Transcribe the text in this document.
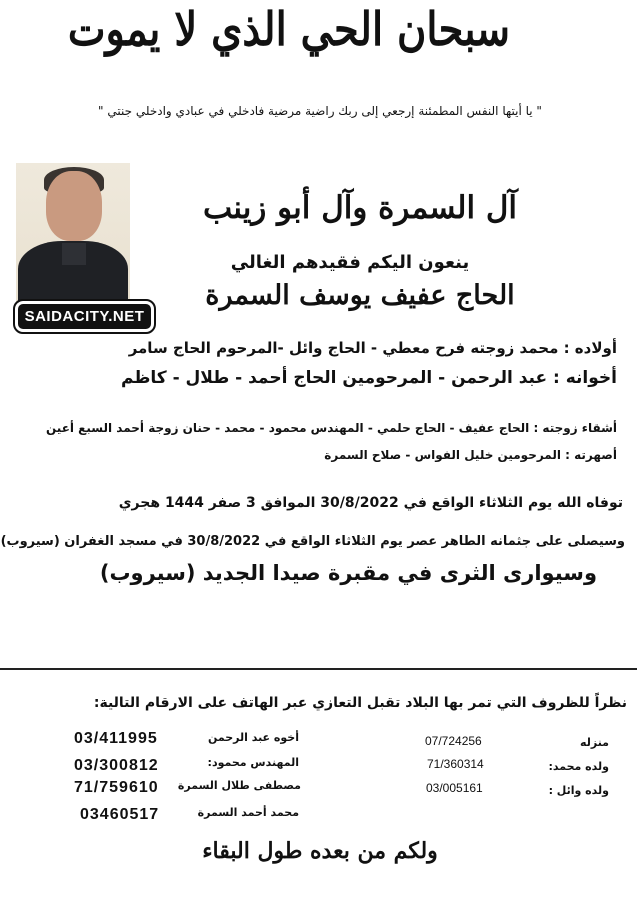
سبحان الحي الذي لا يموت
" يا أيتها النفس المطمئنة إرجعي إلى ربك راضية مرضية فادخلي في عبادي وادخلي جنتي "
SAIDACITY.NET
آل السمرة وآل أبو زينب
ينعون اليكم فقيدهم الغالي
الحاج عفيف يوسف السمرة
أولاده : محمد زوجته فرح معطي - الحاج وائل -المرحوم الحاج سامر
أخوانه : عبد الرحمن - المرحومين الحاج أحمد - طلال - كاظم
أشقاء زوجته : الحاج عفيف - الحاج حلمي - المهندس محمود - محمد - حنان زوجة أحمد السبع أعين
أصهرته : المرحومين خليل الفواس - صلاح السمرة
توفاه الله يوم الثلاثاء الواقع في 30/8/2022 الموافق 3 صفر 1444 هجري
وسيصلى على جثمانه الطاهر عصر يوم الثلاثاء الواقع في 30/8/2022 في مسجد الغفران (سيروب)
وسيوارى الثرى في مقبرة صيدا الجديد (سيروب)
نظراً للظروف التي تمر بها البلاد تقبل التعازي عبر الهاتف على الارقام التالية:
03/411995	أخوه عبد الرحمن
03/300812	المهندس محمود:
71/759610 مصطفى طلال السمرة
03460517	محمد أحمد السمرة
07/724256	منزله
71/360314	ولده محمد:
03/005161	ولده وائل :
ولكم من بعده طول البقاء
